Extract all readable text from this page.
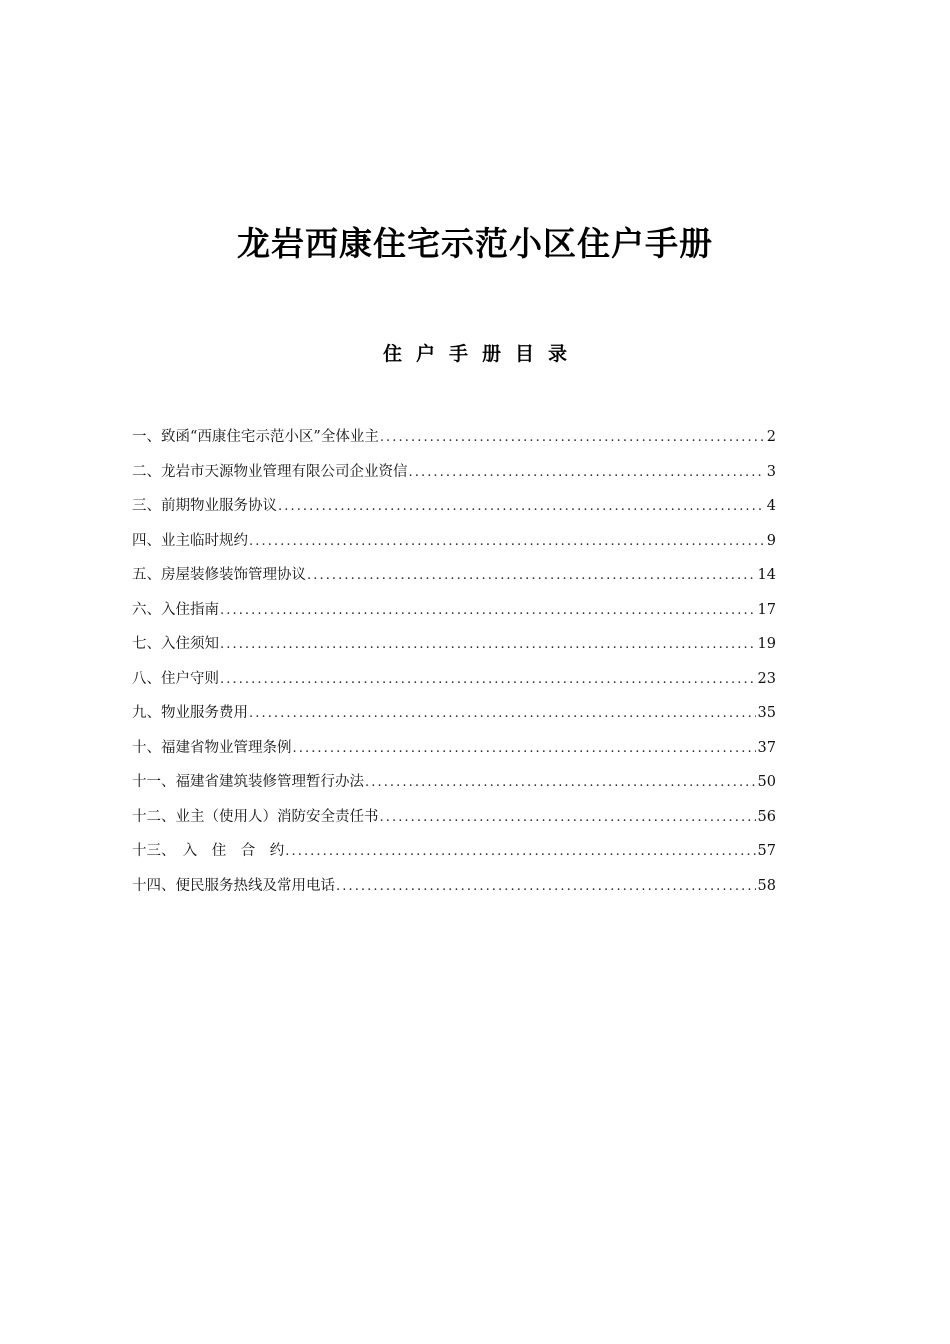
龙岩西康住宅示范小区住户手册
住户手册目录
一、致函“西康住宅示范小区”全体业主 .....	2
二、龙岩市天源物业管理有限公司企业资信 .....	3
三、前期物业服务协议 .....	4
四、业主临时规约 .....	9
五、房屋装修装饰管理协议 .....	14
六、入住指南 .....	17
七、入住须知 .....	19
八、住户守则 .....	23
九、物业服务费用 .....	35
十、福建省物业管理条例 .....	37
十一、福建省建筑装修管理暂行办法 .....	50
十二、业主（使用人）消防安全责任书 .....	56
十三、　入　住　合　约 .....	57
十四、便民服务热线及常用电话 .....	58
